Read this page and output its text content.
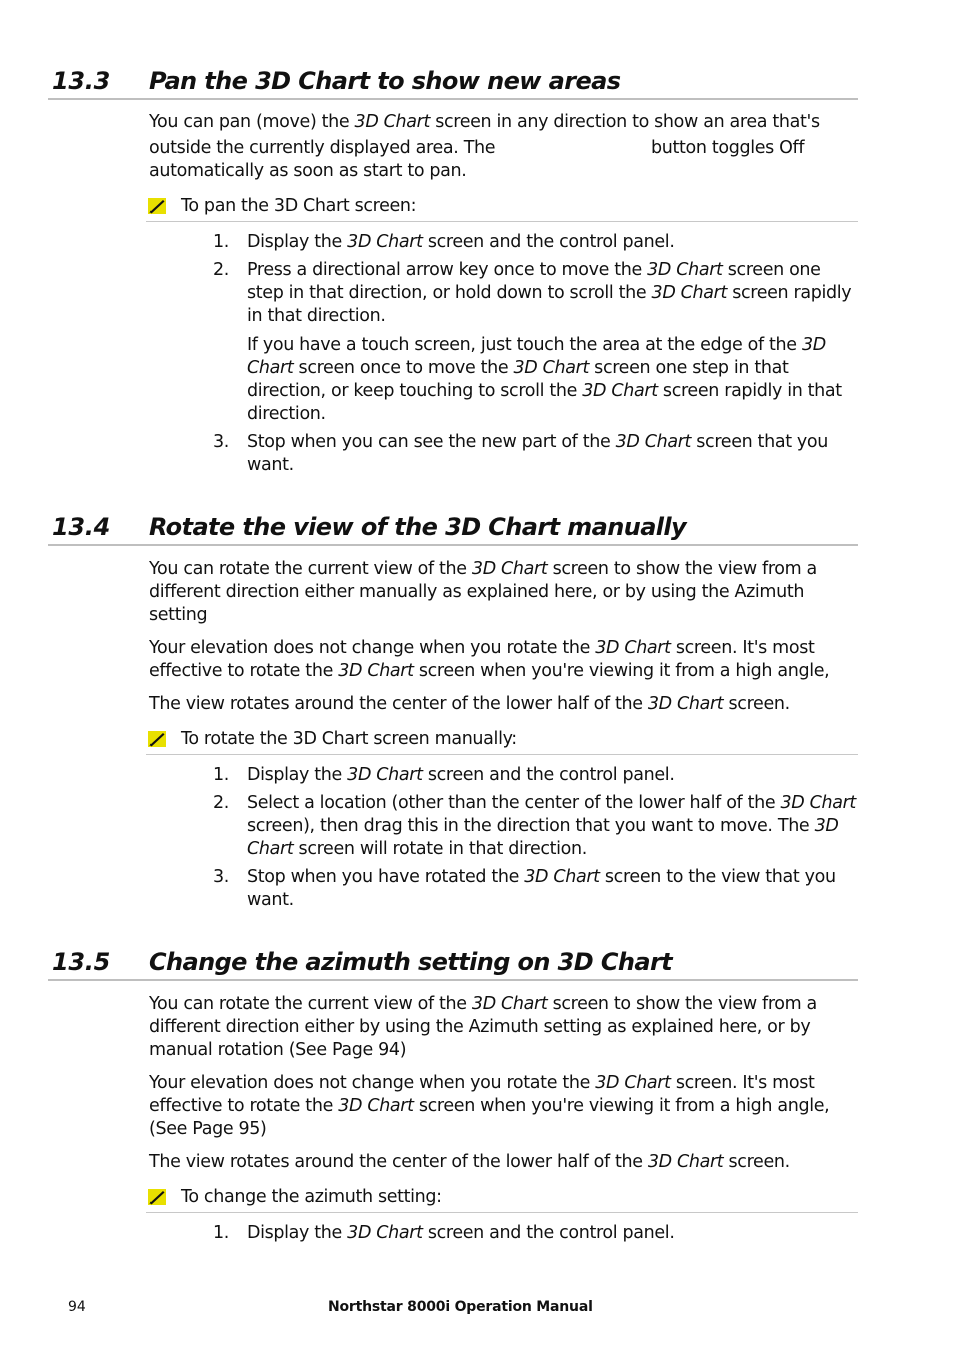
13.3 Pan the 3D Chart to show new areas
You can pan (move) the 3D Chart screen in any direction to show an area that's
outside the currently displayed area. The	button toggles Off

automatically as soon as start to pan.
To pan the 3D Chart screen:
1. Display the 3D Chart screen and the control panel.
2. Press a directional arrow key once to move the 3D Chart screen one
step in that direction, or hold down to scroll the 3D Chart screen rapidly
in that direction.
If you have a touch screen, just touch the area at the edge of the 3D
Chart screen once to move the 3D Chart screen one step in that
direction, or keep touching to scroll the 3D Chart screen rapidly in that
direction.
3. Stop when you can see the new part of the 3D Chart screen that you
want.
13.4 Rotate the view of the 3D Chart manually
You can rotate the current view of the 3D Chart screen to show the view from a
different direction either manually as explained here, or by using the Azimuth
setting
Your elevation does not change when you rotate the 3D Chart screen. It's most
effective to rotate the 3D Chart screen when you're viewing it from a high angle,
The view rotates around the center of the lower half of the 3D Chart screen.
To rotate the 3D Chart screen manually:
1. Display the 3D Chart screen and the control panel.
2. Select a location (other than the center of the lower half of the 3D Chart
screen), then drag this in the direction that you want to move. The 3D
Chart screen will rotate in that direction.
3. Stop when you have rotated the 3D Chart screen to the view that you
want.
13.5 Change the azimuth setting on 3D Chart
You can rotate the current view of the 3D Chart screen to show the view from a
different direction either by using the Azimuth setting as explained here, or by
manual rotation (See Page 94)
Your elevation does not change when you rotate the 3D Chart screen. It's most
effective to rotate the 3D Chart screen when you're viewing it from a high angle,
(See Page 95)
The view rotates around the center of the lower half of the 3D Chart screen.
To change the azimuth setting:
1. Display the 3D Chart screen and the control panel.
94	Northstar 8000i Operation Manual
